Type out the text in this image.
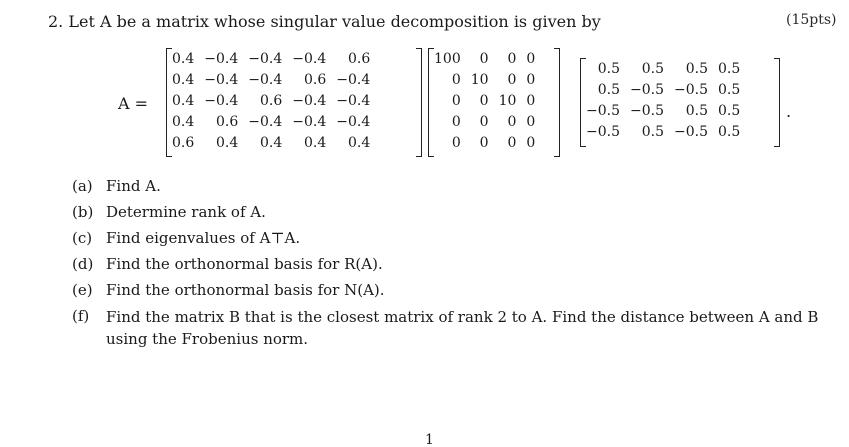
2. Let A be a matrix whose singular value decomposition is given by	(15pts)
A =
0.4	−0.4	−0.4	−0.4	0.6
0.4	−0.4	−0.4	0.6	−0.4
0.4	−0.4	0.6	−0.4	−0.4
0.4	0.6	−0.4	−0.4	−0.4
0.6	0.4	0.4	0.4	0.4
100	0	0	0
0	10	0	0
0	0	10	0
0	0	0	0
0	0	0	0
0.5	0.5	0.5	0.5
0.5	−0.5	−0.5	0.5
−0.5	−0.5	0.5	0.5
−0.5	0.5	−0.5	0.5
.
(a) Find A.
(b) Determine rank of A.
(c) Find eigenvalues of A⊤A.
(d) Find the orthonormal basis for R(A).
(e) Find the orthonormal basis for N(A).
(f)	Find the matrix B that is the closest matrix of rank 2 to A. Find the distance between A and B using the Frobenius norm.
1
